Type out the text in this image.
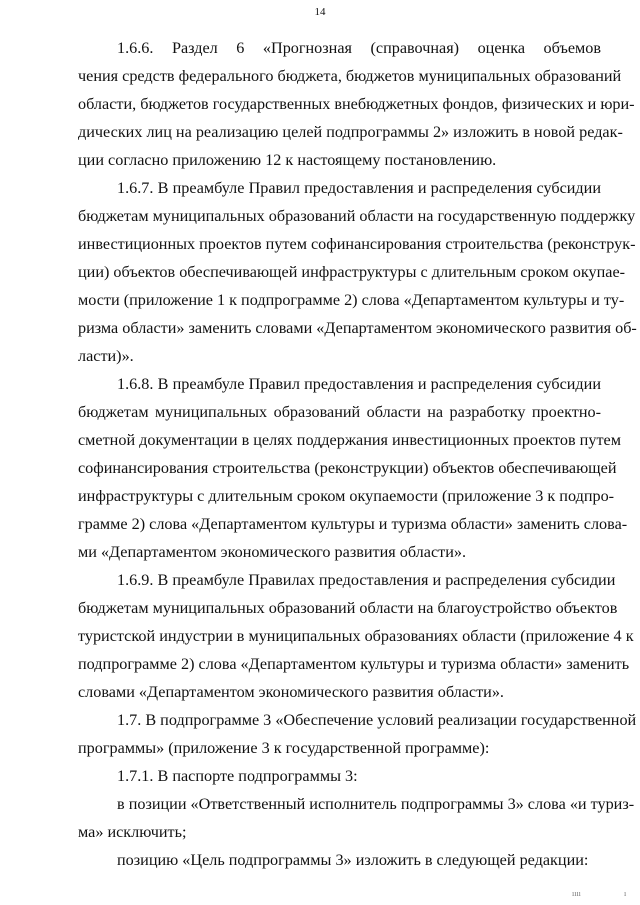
14
1.6.6. Раздел 6 «Прогнозная (справочная) оценка объемов
чения средств федерального бюджета, бюджетов муниципальных образований
области, бюджетов государственных внебюджетных фондов, физических и юри-
дических лиц на реализацию целей подпрограммы 2» изложить в новой редак-
ции согласно приложению 12 к настоящему постановлению.
1.6.7. В преамбуле Правил предоставления и распределения субсидии
бюджетам муниципальных образований области на государственную поддержку
инвестиционных проектов путем софинансирования строительства (реконструк-
ции) объектов обеспечивающей инфраструктуры с длительным сроком окупае-
мости (приложение 1 к подпрограмме 2) слова «Департаментом культуры и ту-
ризма области» заменить словами «Департаментом экономического развития об-
ласти)».
1.6.8. В преамбуле Правил предоставления и распределения субсидии
бюджетам муниципальных образований области на разработку проектно-
сметной документации в целях поддержания инвестиционных проектов путем
софинансирования строительства (реконструкции) объектов обеспечивающей
инфраструктуры с длительным сроком окупаемости (приложение 3 к подпро-
грамме 2) слова «Департаментом культуры и туризма области» заменить слова-
ми «Департаментом экономического развития области».
1.6.9. В преамбуле Правилах предоставления и распределения субсидии
бюджетам муниципальных образований области на благоустройство объектов
туристской индустрии в муниципальных образованиях области (приложение 4 к
подпрограмме 2) слова «Департаментом культуры и туризма области» заменить
словами «Департаментом экономического развития области».
1.7. В подпрограмме 3 «Обеспечение условий реализации государственной
программы» (приложение 3 к государственной программе):
1.7.1. В паспорте подпрограммы 3:
в позиции «Ответственный исполнитель подпрограммы 3» слова «и туриз-
ма» исключить;
позицию «Цель подпрограммы 3» изложить в следующей редакции:
ıııı	ı
